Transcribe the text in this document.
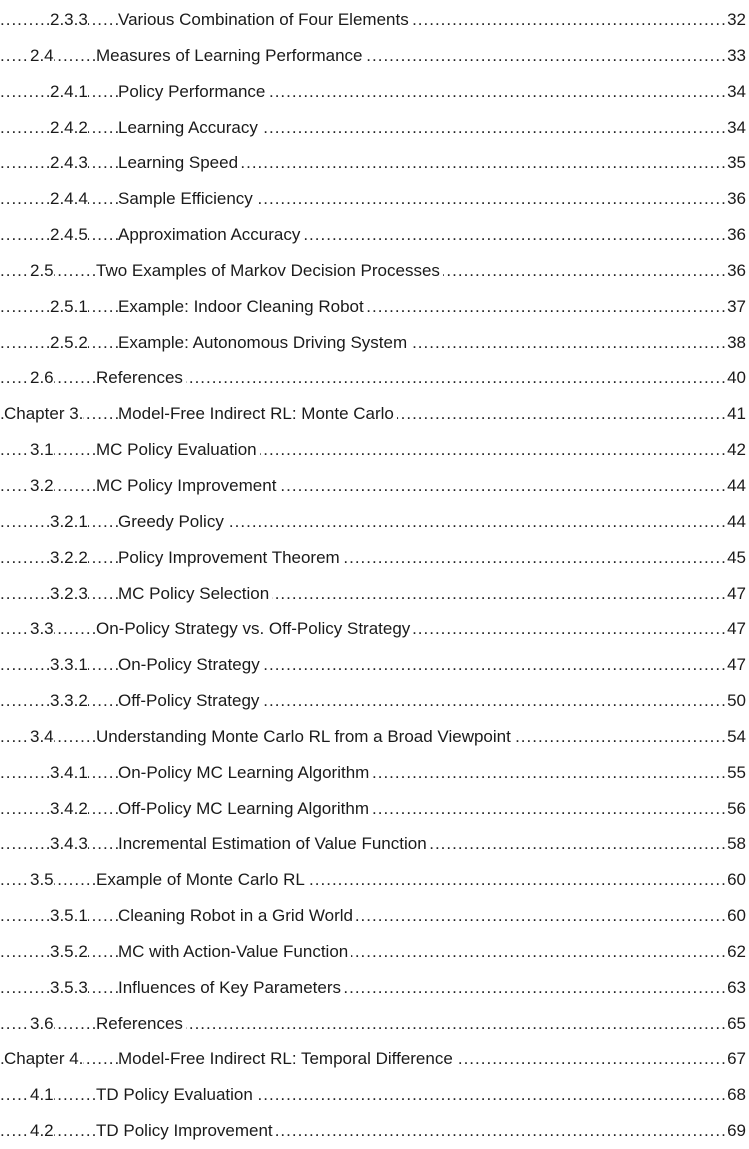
.....
2.3.3 Various Combination of Four Elements	32
.....
2.4 Measures of Learning Performance	33
.....
2.4.1 Policy Performance	34
.....
2.4.2 Learning Accuracy	34
.....
2.4.3 Learning Speed	35
.....
2.4.4 Sample Efficiency	36
.....
2.4.5 Approximation Accuracy	36
.....
2.5 Two Examples of Markov Decision Processes	36
.....
2.5.1 Example: Indoor Cleaning Robot	37
.....
2.5.2 Example: Autonomous Driving System	38
.....
2.6 References	40
.....
Chapter 3. Model-Free Indirect RL: Monte Carlo	41
.....
3.1 MC Policy Evaluation	42
.....
3.2 MC Policy Improvement	44
.....
3.2.1 Greedy Policy	44
.....
3.2.2 Policy Improvement Theorem	45
.....
3.2.3 MC Policy Selection	47
.....
3.3 On-Policy Strategy vs. Off-Policy Strategy	47
.....
3.3.1 On-Policy Strategy	47
.....
3.3.2 Off-Policy Strategy	50
.....
3.4 Understanding Monte Carlo RL from a Broad Viewpoint	54
.....
3.4.1 On-Policy MC Learning Algorithm	55
.....
3.4.2 Off-Policy MC Learning Algorithm	56
.....
3.4.3 Incremental Estimation of Value Function	58
.....
3.5 Example of Monte Carlo RL	60
.....
3.5.1 Cleaning Robot in a Grid World	60
.....
3.5.2 MC with Action-Value Function	62
.....
3.5.3 Influences of Key Parameters	63
.....
3.6 References	65
.....
Chapter 4. Model-Free Indirect RL: Temporal Difference	67
.....
4.1 TD Policy Evaluation	68
.....
4.2 TD Policy Improvement	69
